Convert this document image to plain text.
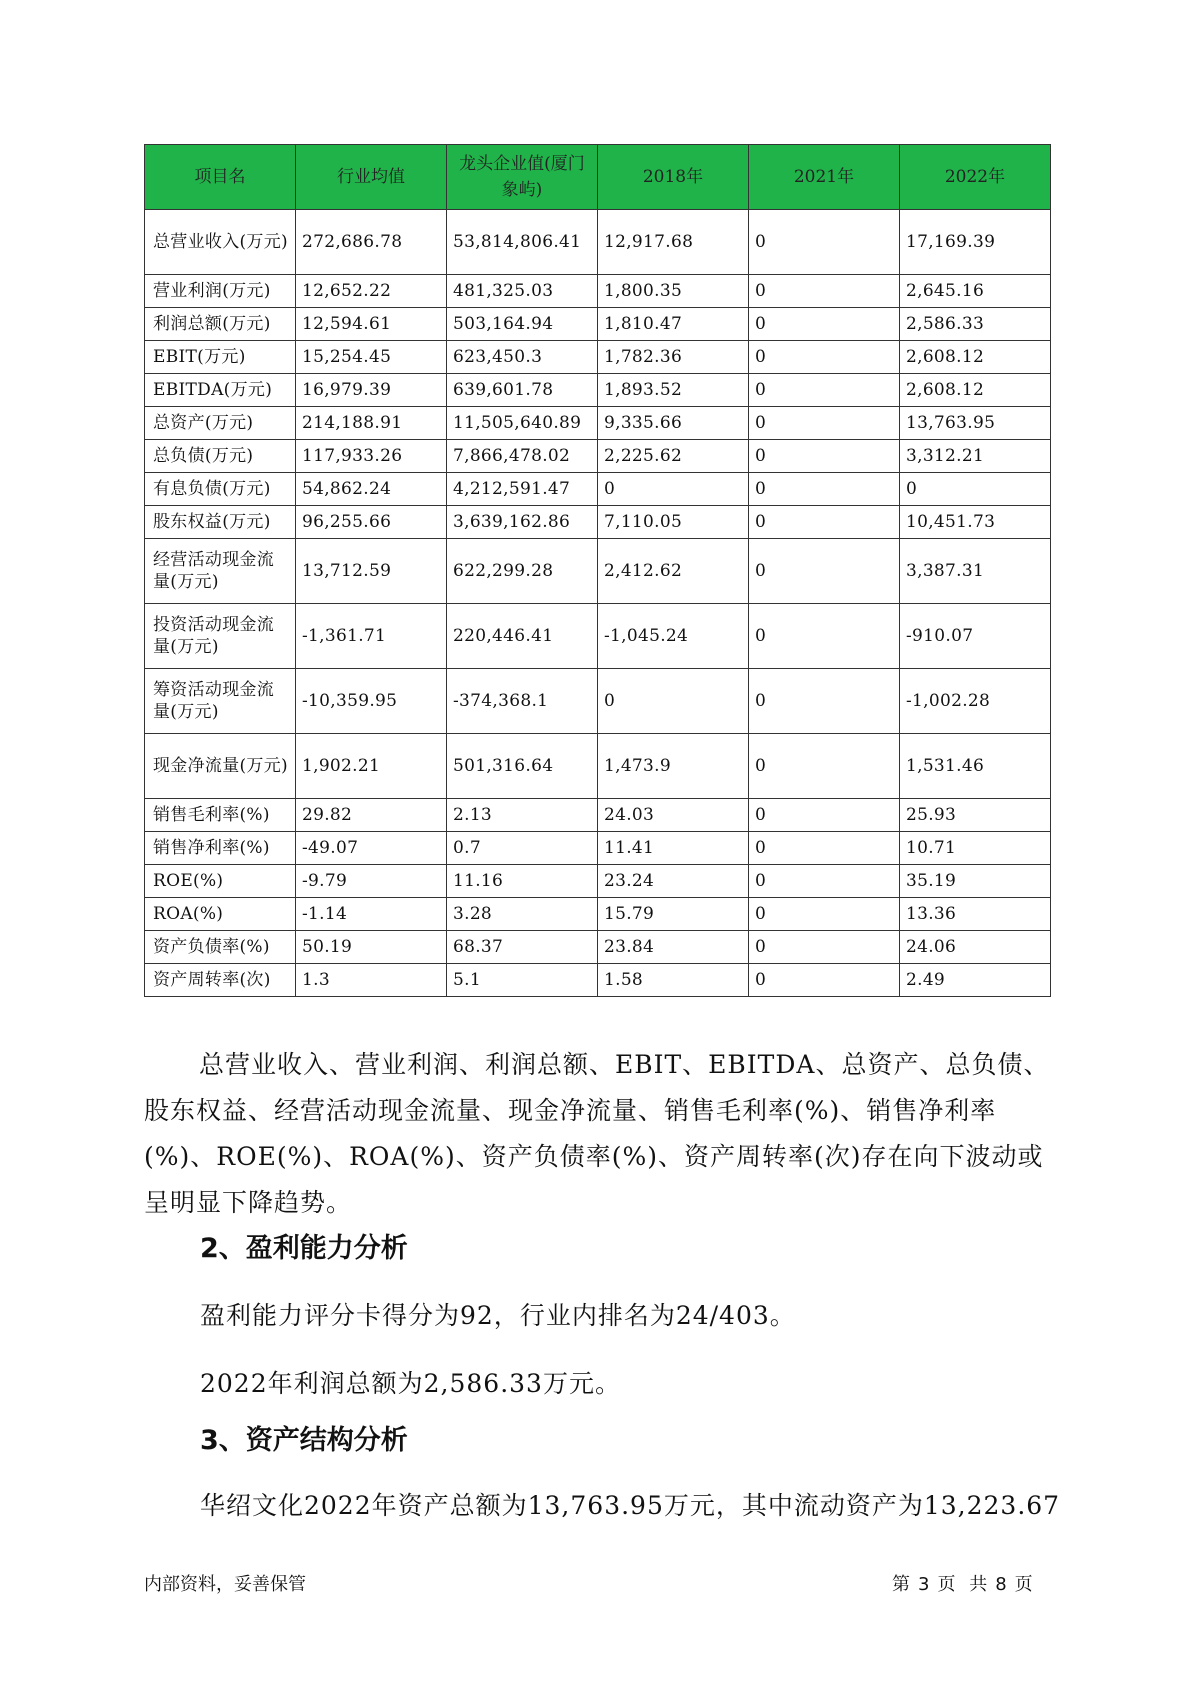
项目名	行业均值	龙头企业值(厦门象屿)	2018年	2021年	2022年
总营业收入(万元)	272,686.78	53,814,806.41	12,917.68	0	17,169.39
营业利润(万元)	12,652.22	481,325.03	1,800.35	0	2,645.16
利润总额(万元)	12,594.61	503,164.94	1,810.47	0	2,586.33
EBIT(万元)	15,254.45	623,450.3	1,782.36	0	2,608.12
EBITDA(万元)	16,979.39	639,601.78	1,893.52	0	2,608.12
总资产(万元)	214,188.91	11,505,640.89	9,335.66	0	13,763.95
总负债(万元)	117,933.26	7,866,478.02	2,225.62	0	3,312.21
有息负债(万元)	54,862.24	4,212,591.47	0	0	0
股东权益(万元)	96,255.66	3,639,162.86	7,110.05	0	10,451.73
经营活动现金流量(万元)	13,712.59	622,299.28	2,412.62	0	3,387.31
投资活动现金流量(万元)	-1,361.71	220,446.41	-1,045.24	0	-910.07
筹资活动现金流量(万元)	-10,359.95	-374,368.1	0	0	-1,002.28
现金净流量(万元)	1,902.21	501,316.64	1,473.9	0	1,531.46
销售毛利率(%)	29.82	2.13	24.03	0	25.93
销售净利率(%)	-49.07	0.7	11.41	0	10.71
ROE(%)	-9.79	11.16	23.24	0	35.19
ROA(%)	-1.14	3.28	15.79	0	13.36
资产负债率(%)	50.19	68.37	23.84	0	24.06
资产周转率(次)	1.3	5.1	1.58	0	2.49
总营业收入、营业利润、利润总额、EBIT、EBITDA、总资产、总负债、股东权益、经营活动现金流量、现金净流量、销售毛利率(%)、销售净利率(%)、ROE(%)、ROA(%)、资产负债率(%)、资产周转率(次)存在向下波动或呈明显下降趋势。
2、盈利能力分析
盈利能力评分卡得分为92，行业内排名为24/403。
2022年利润总额为2,586.33万元。
3、资产结构分析
华绍文化2022年资产总额为13,763.95万元，其中流动资产为13,223.67
内部资料，妥善保管	第 3 页 共 8 页
